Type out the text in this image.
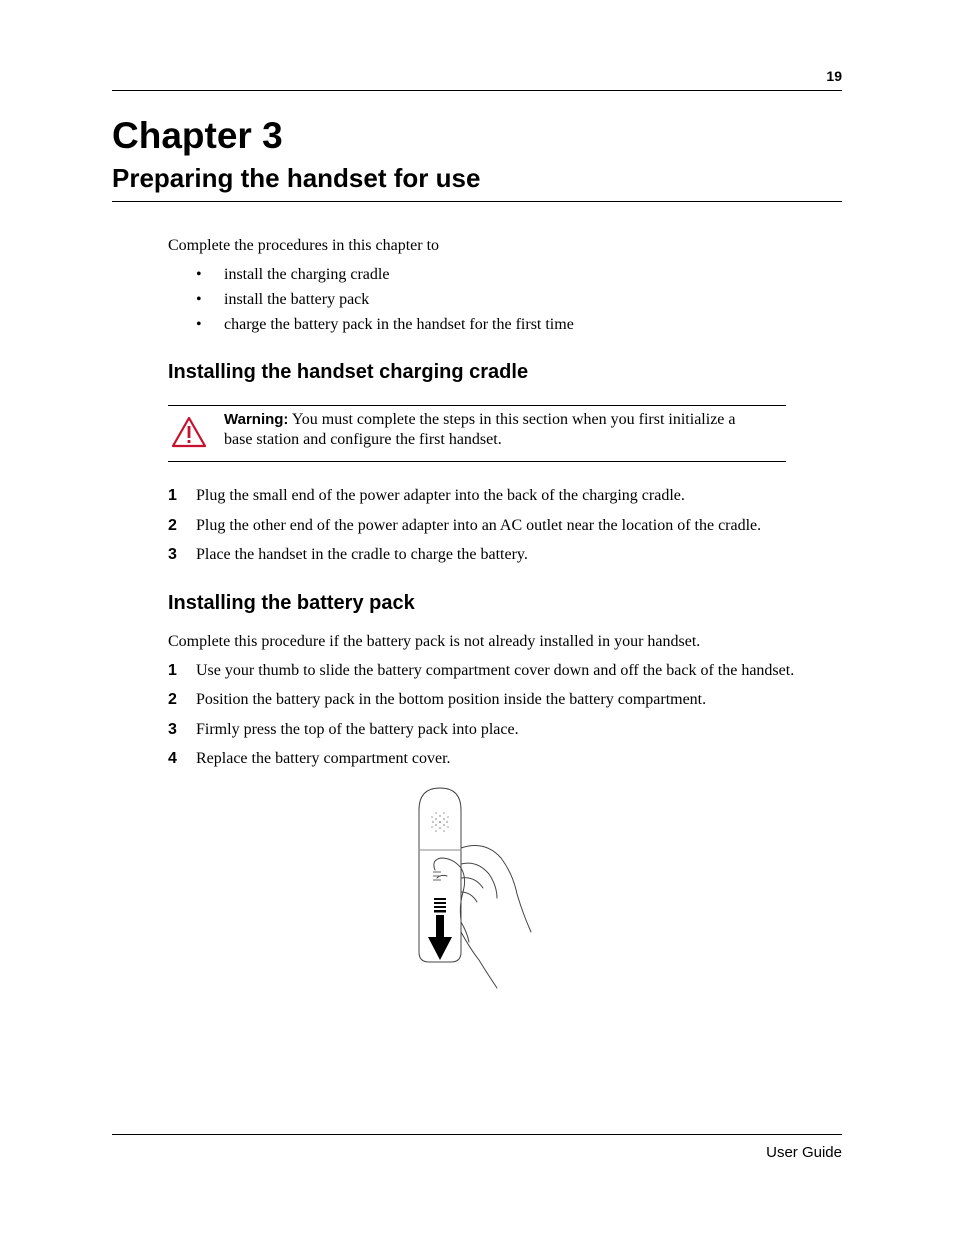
19
Chapter 3
Preparing the handset for use
Complete the procedures in this chapter to
• install the charging cradle
• install the battery pack
• charge the battery pack in the handset for the first time
Installing the handset charging cradle
Warning: You must complete the steps in this section when you first initialize a
base station and configure the first handset.
1 Plug the small end of the power adapter into the back of the charging cradle.
2 Plug the other end of the power adapter into an AC outlet near the location of the cradle.
3 Place the handset in the cradle to charge the battery.
Installing the battery pack
Complete this procedure if the battery pack is not already installed in your handset.
1 Use your thumb to slide the battery compartment cover down and off the back of the handset.
2 Position the battery pack in the bottom position inside the battery compartment.
3 Firmly press the top of the battery pack into place.
4 Replace the battery compartment cover.
User Guide
